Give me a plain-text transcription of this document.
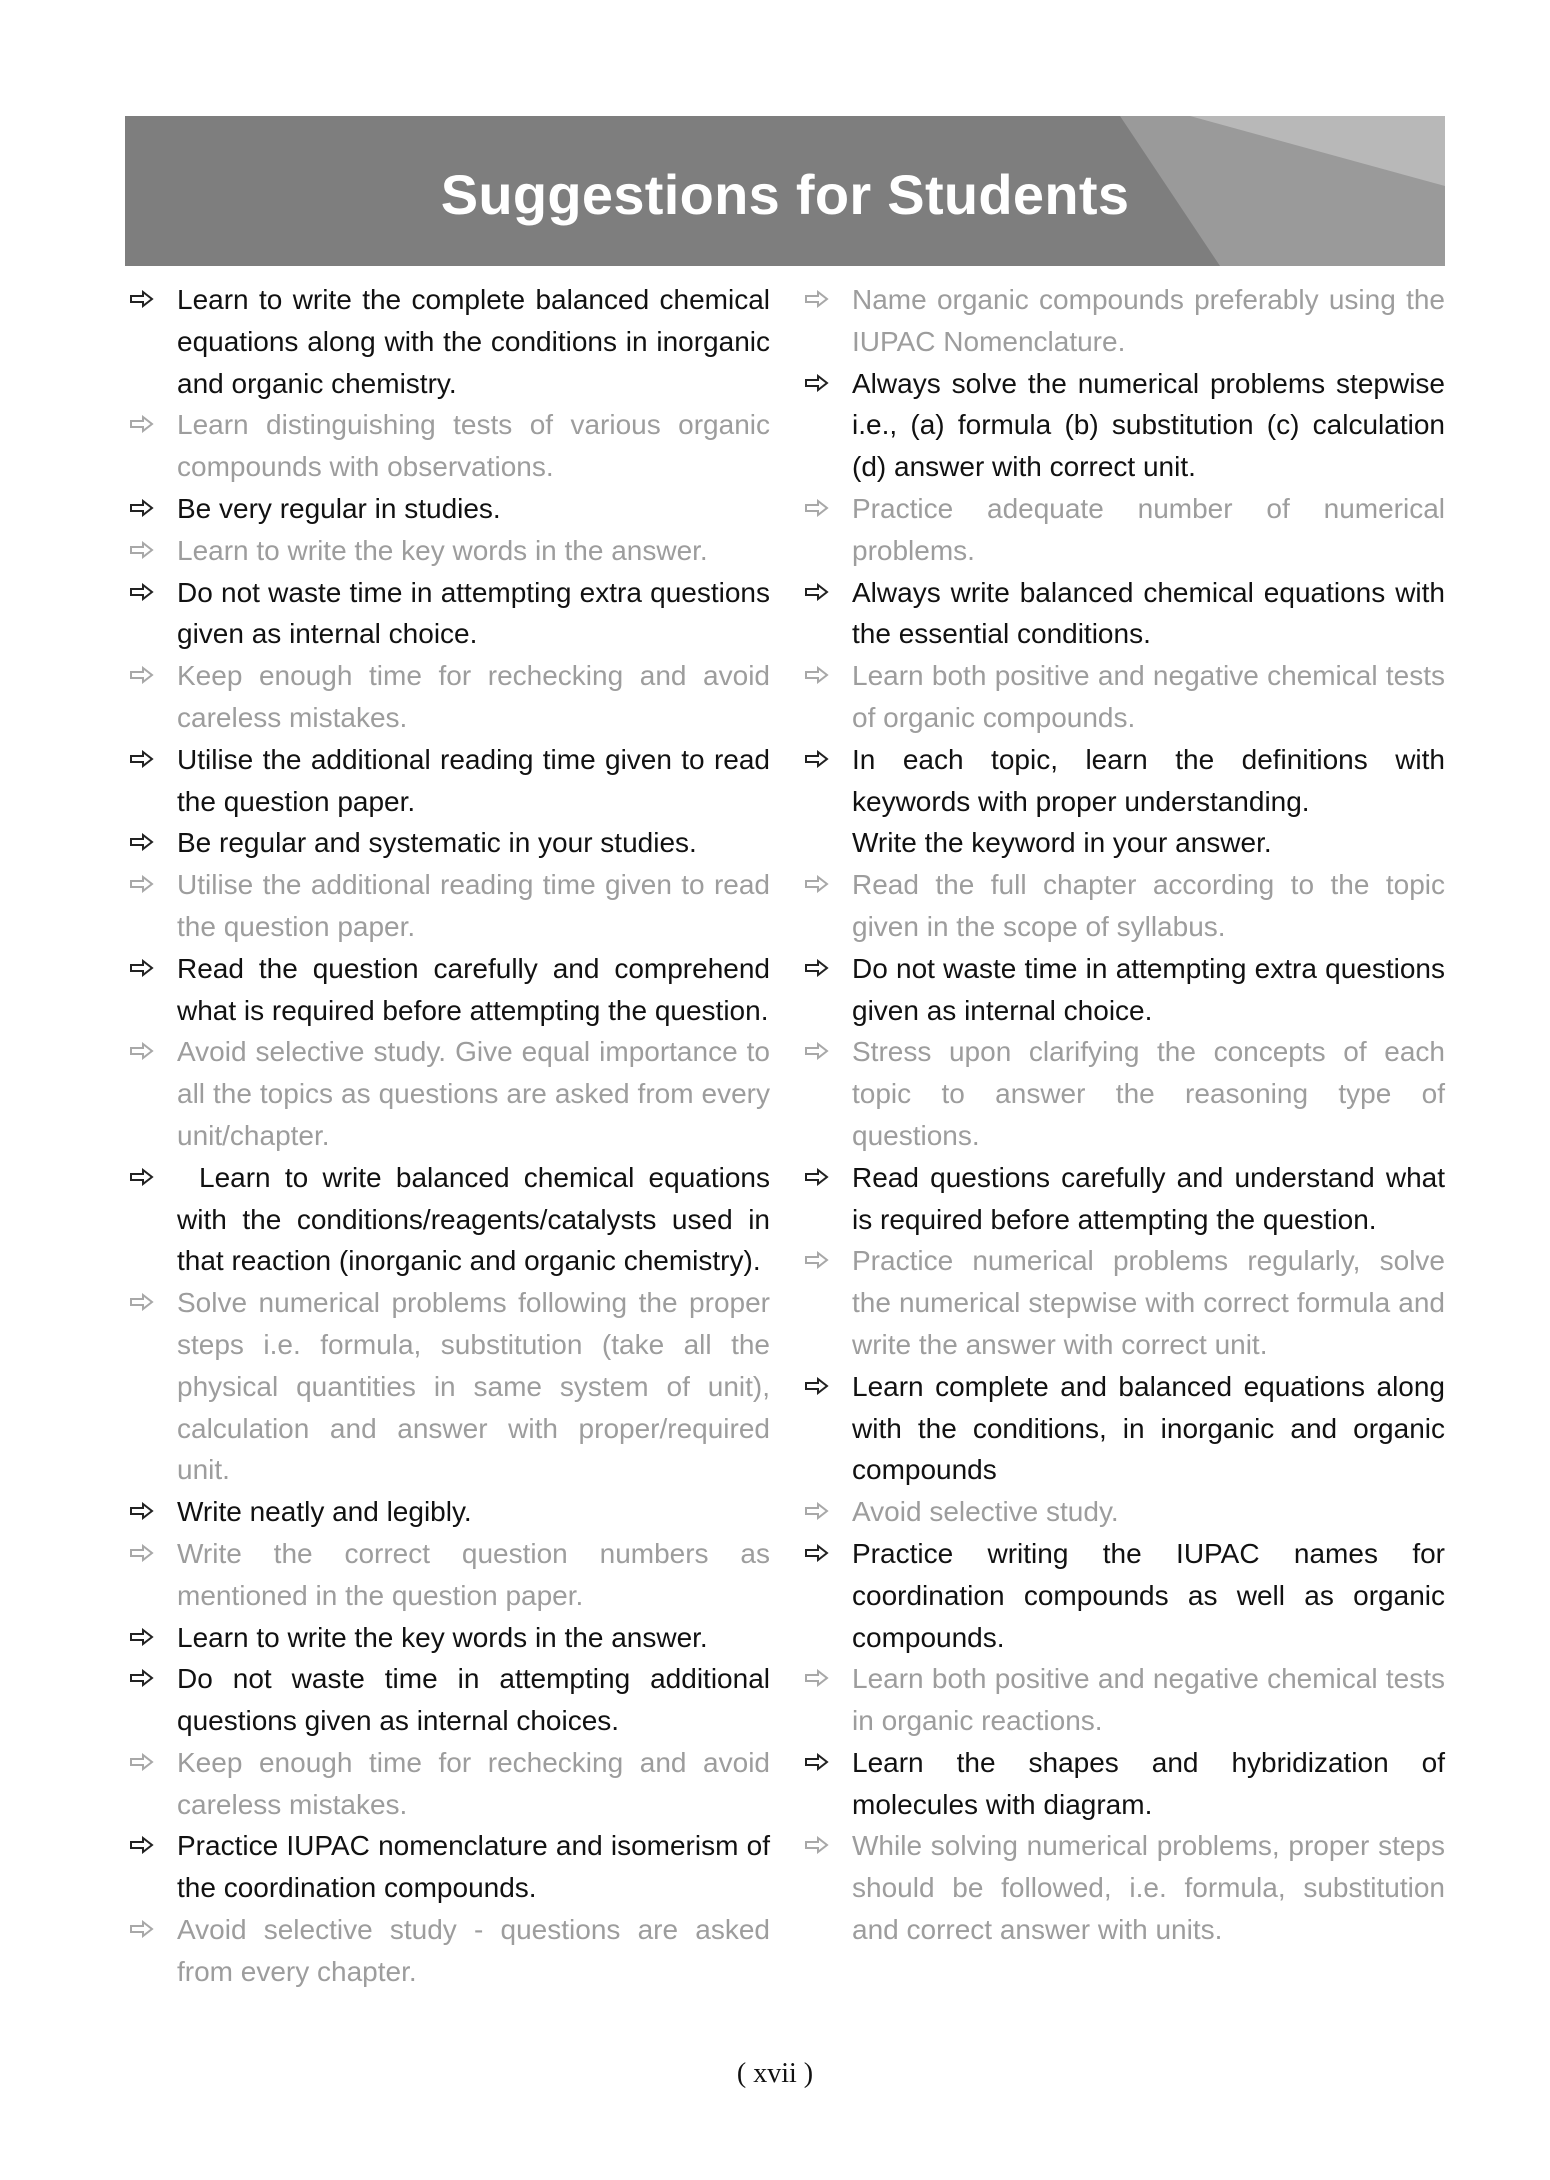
Suggestions for Students
Learn to write the complete balanced chemical equations along with the conditions in inorganic and organic chemistry.
Learn distinguishing tests of various organic compounds with observations.
Be very regular in studies.
Learn to write the key words in the answer.
Do not waste time in attempting extra questions given as internal choice.
Keep enough time for rechecking and avoid careless mistakes.
Utilise the additional reading time given to read the question paper.
Be regular and systematic in your studies.
Utilise the additional reading time given to read the question paper.
Read the question carefully and comprehend what is required before attempting the question.
Avoid selective study. Give equal importance to all the topics as questions are asked from every unit/chapter.
Learn to write balanced chemical equations with the conditions/reagents/catalysts used in that reaction (inorganic and organic chemistry).
Solve numerical problems following the proper steps i.e. formula, substitution (take all the physical quantities in same system of unit), calculation and answer with proper/required unit.
Write neatly and legibly.
Write the correct question numbers as mentioned in the question paper.
Learn to write the key words in the answer.
Do not waste time in attempting additional questions given as internal choices.
Keep enough time for rechecking and avoid careless mistakes.
Practice IUPAC nomenclature and isomerism of the coordination compounds.
Avoid selective study - questions are asked from every chapter.
Name organic compounds preferably using the IUPAC Nomenclature.
Always solve the numerical problems stepwise i.e., (a) formula (b) substitution (c) calculation (d) answer with correct unit.
Practice adequate number of numerical problems.
Always write balanced chemical equations with the essential conditions.
Learn both positive and negative chemical tests of organic compounds.
In each topic, learn the definitions with keywords with proper understanding.
Write the keyword in your answer.
Read the full chapter according to the topic given in the scope of syllabus.
Do not waste time in attempting extra questions given as internal choice.
Stress upon clarifying the concepts of each topic to answer the reasoning type of questions.
Read questions carefully and understand what is required before attempting the question.
Practice numerical problems regularly, solve the numerical stepwise with correct formula and write the answer with correct unit.
Learn complete and balanced equations along with the conditions, in inorganic and organic compounds
Avoid selective study.
Practice writing the IUPAC names for coordination compounds as well as organic compounds.
Learn both positive and negative chemical tests in organic reactions.
Learn the shapes and hybridization of molecules with diagram.
While solving numerical problems, proper steps should be followed, i.e. formula, substitution and correct answer with units.
( xvii )
